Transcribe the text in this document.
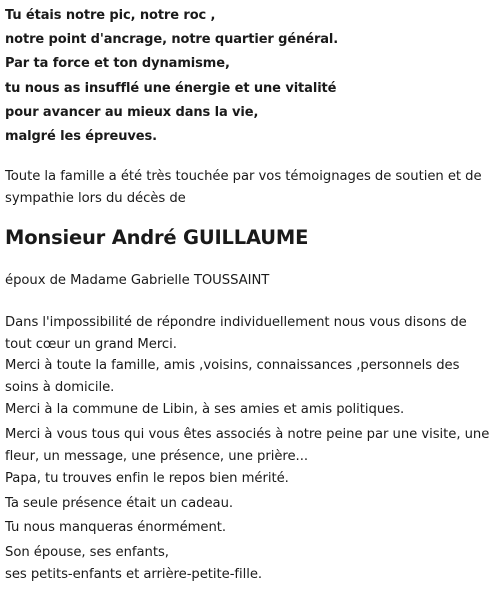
Tu étais notre pic, notre roc ,
notre point d'ancrage, notre quartier général.
Par ta force et ton dynamisme,
tu nous as insufflé une énergie et une vitalité
pour avancer au mieux dans la vie,
malgré les épreuves.
Toute la famille a été très touchée par vos témoignages de soutien et de sympathie lors du décès de
Monsieur André GUILLAUME
époux de Madame Gabrielle TOUSSAINT
Dans l'impossibilité de répondre individuellement nous vous disons de tout cœur un grand Merci.
Merci à toute la famille, amis ,voisins, connaissances ,personnels des soins à domicile.
Merci à la commune de Libin, à ses amies et amis politiques.
Merci à vous tous qui vous êtes associés à notre peine par une visite, une fleur, un message, une présence, une prière...
Papa, tu trouves enfin le repos bien mérité.
Ta seule présence était un cadeau.
Tu nous manqueras énormément.
Son épouse, ses enfants,
ses petits-enfants et arrière-petite-fille.
